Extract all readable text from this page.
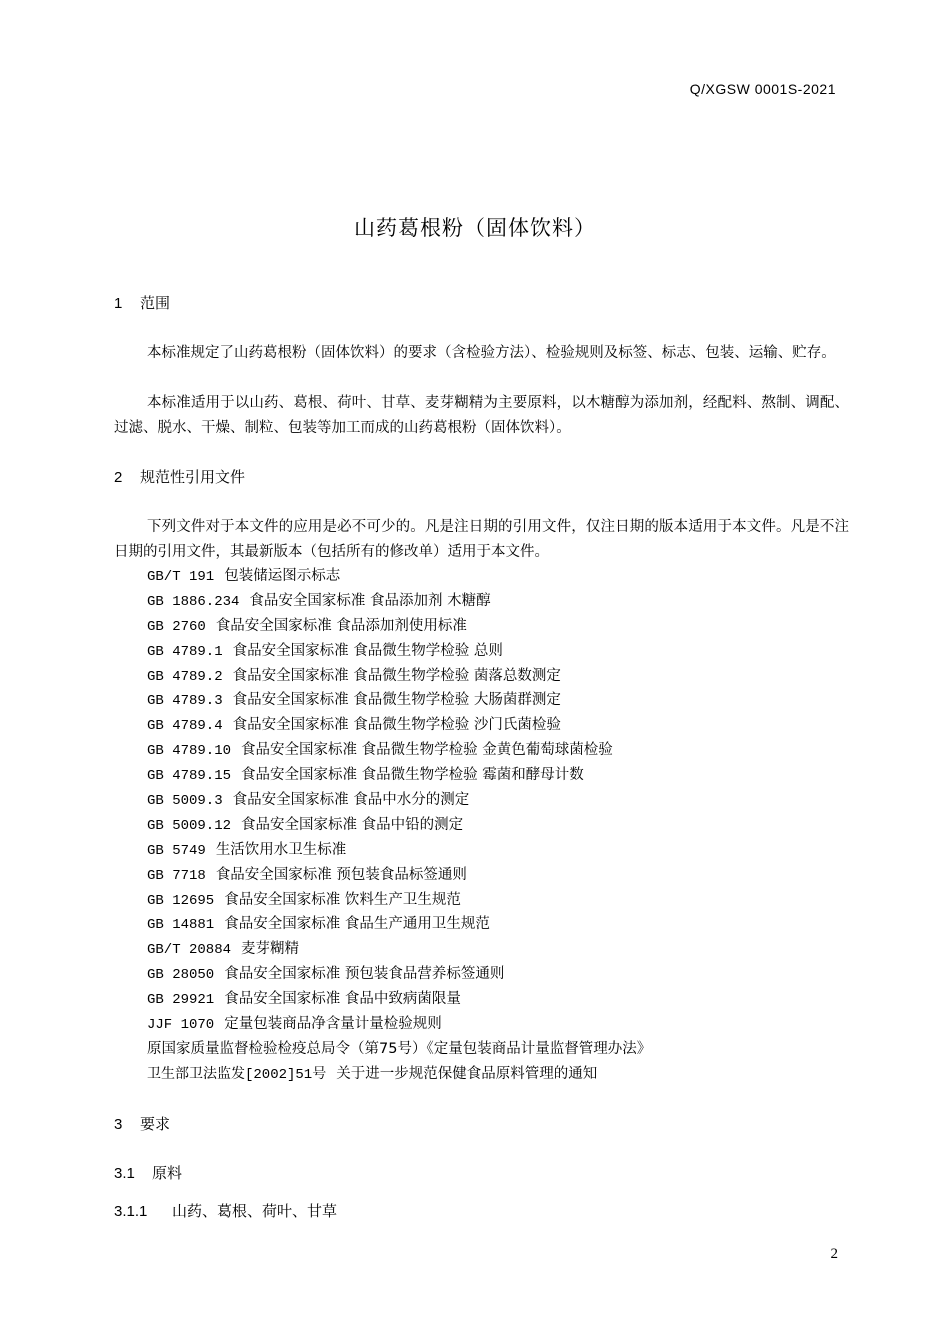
Q/XGSW 0001S-2021
山药葛根粉（固体饮料）
1 范围
本标准规定了山药葛根粉（固体饮料）的要求（含检验方法）、检验规则及标签、标志、包装、运输、贮存。
本标准适用于以山药、葛根、荷叶、甘草、麦芽糊精为主要原料，以木糖醇为添加剂，经配料、熬制、调配、过滤、脱水、干燥、制粒、包装等加工而成的山药葛根粉（固体饮料）。
2 规范性引用文件
下列文件对于本文件的应用是必不可少的。凡是注日期的引用文件，仅注日期的版本适用于本文件。凡是不注日期的引用文件，其最新版本（包括所有的修改单）适用于本文件。
GB/T 191 包装储运图示标志
GB 1886.234 食品安全国家标准 食品添加剂 木糖醇
GB 2760 食品安全国家标准 食品添加剂使用标准
GB 4789.1 食品安全国家标准 食品微生物学检验 总则
GB 4789.2 食品安全国家标准 食品微生物学检验 菌落总数测定
GB 4789.3 食品安全国家标准 食品微生物学检验 大肠菌群测定
GB 4789.4 食品安全国家标准 食品微生物学检验 沙门氏菌检验
GB 4789.10 食品安全国家标准 食品微生物学检验 金黄色葡萄球菌检验
GB 4789.15 食品安全国家标准 食品微生物学检验 霉菌和酵母计数
GB 5009.3 食品安全国家标准 食品中水分的测定
GB 5009.12 食品安全国家标准 食品中铅的测定
GB 5749 生活饮用水卫生标准
GB 7718 食品安全国家标准 预包装食品标签通则
GB 12695 食品安全国家标准 饮料生产卫生规范
GB 14881 食品安全国家标准 食品生产通用卫生规范
GB/T 20884 麦芽糊精
GB 28050 食品安全国家标准 预包装食品营养标签通则
GB 29921 食品安全国家标准 食品中致病菌限量
JJF 1070 定量包装商品净含量计量检验规则
原国家质量监督检验检疫总局令（第75号）《定量包装商品计量监督管理办法》
卫生部卫法监发[2002]51号 关于进一步规范保健食品原料管理的通知
3 要求
3.1 原料
3.1.1 山药、葛根、荷叶、甘草
2
